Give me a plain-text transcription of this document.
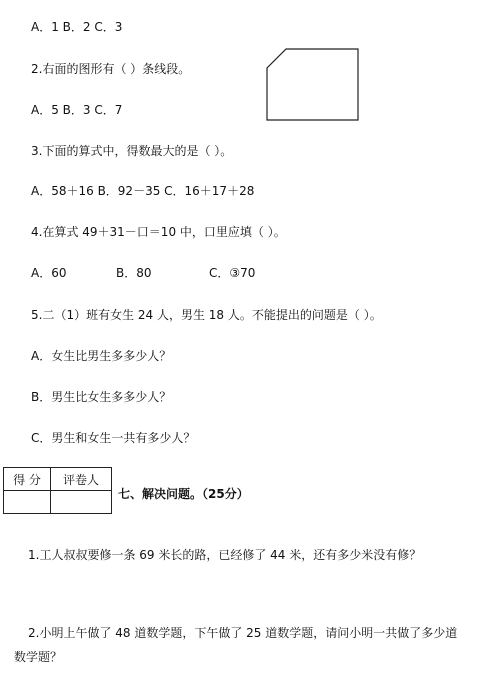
A．1 B．2 C．3
2.右面的图形有（ ）条线段。
A．5 B．3 C．7
3.下面的算式中，得数最大的是（ ）。
A．58＋16 B．92－35 C．16＋17＋28
4.在算式 49＋31－口＝10 中，口里应填（ ）。
A．60	B．80	C．③70
5.二（1）班有女生 24 人，男生 18 人。不能提出的问题是（ ）。
A．女生比男生多多少人？
B．男生比女生多多少人？
C．男生和女生一共有多少人？
得 分	评卷人

七、解决问题。（25分）
1.工人叔叔要修一条 69 米长的路，已经修了 44 米，还有多少米没有修？
2.小明上午做了 48 道数学题，下午做了 25 道数学题，请问小明一共做了多少道数学题？
